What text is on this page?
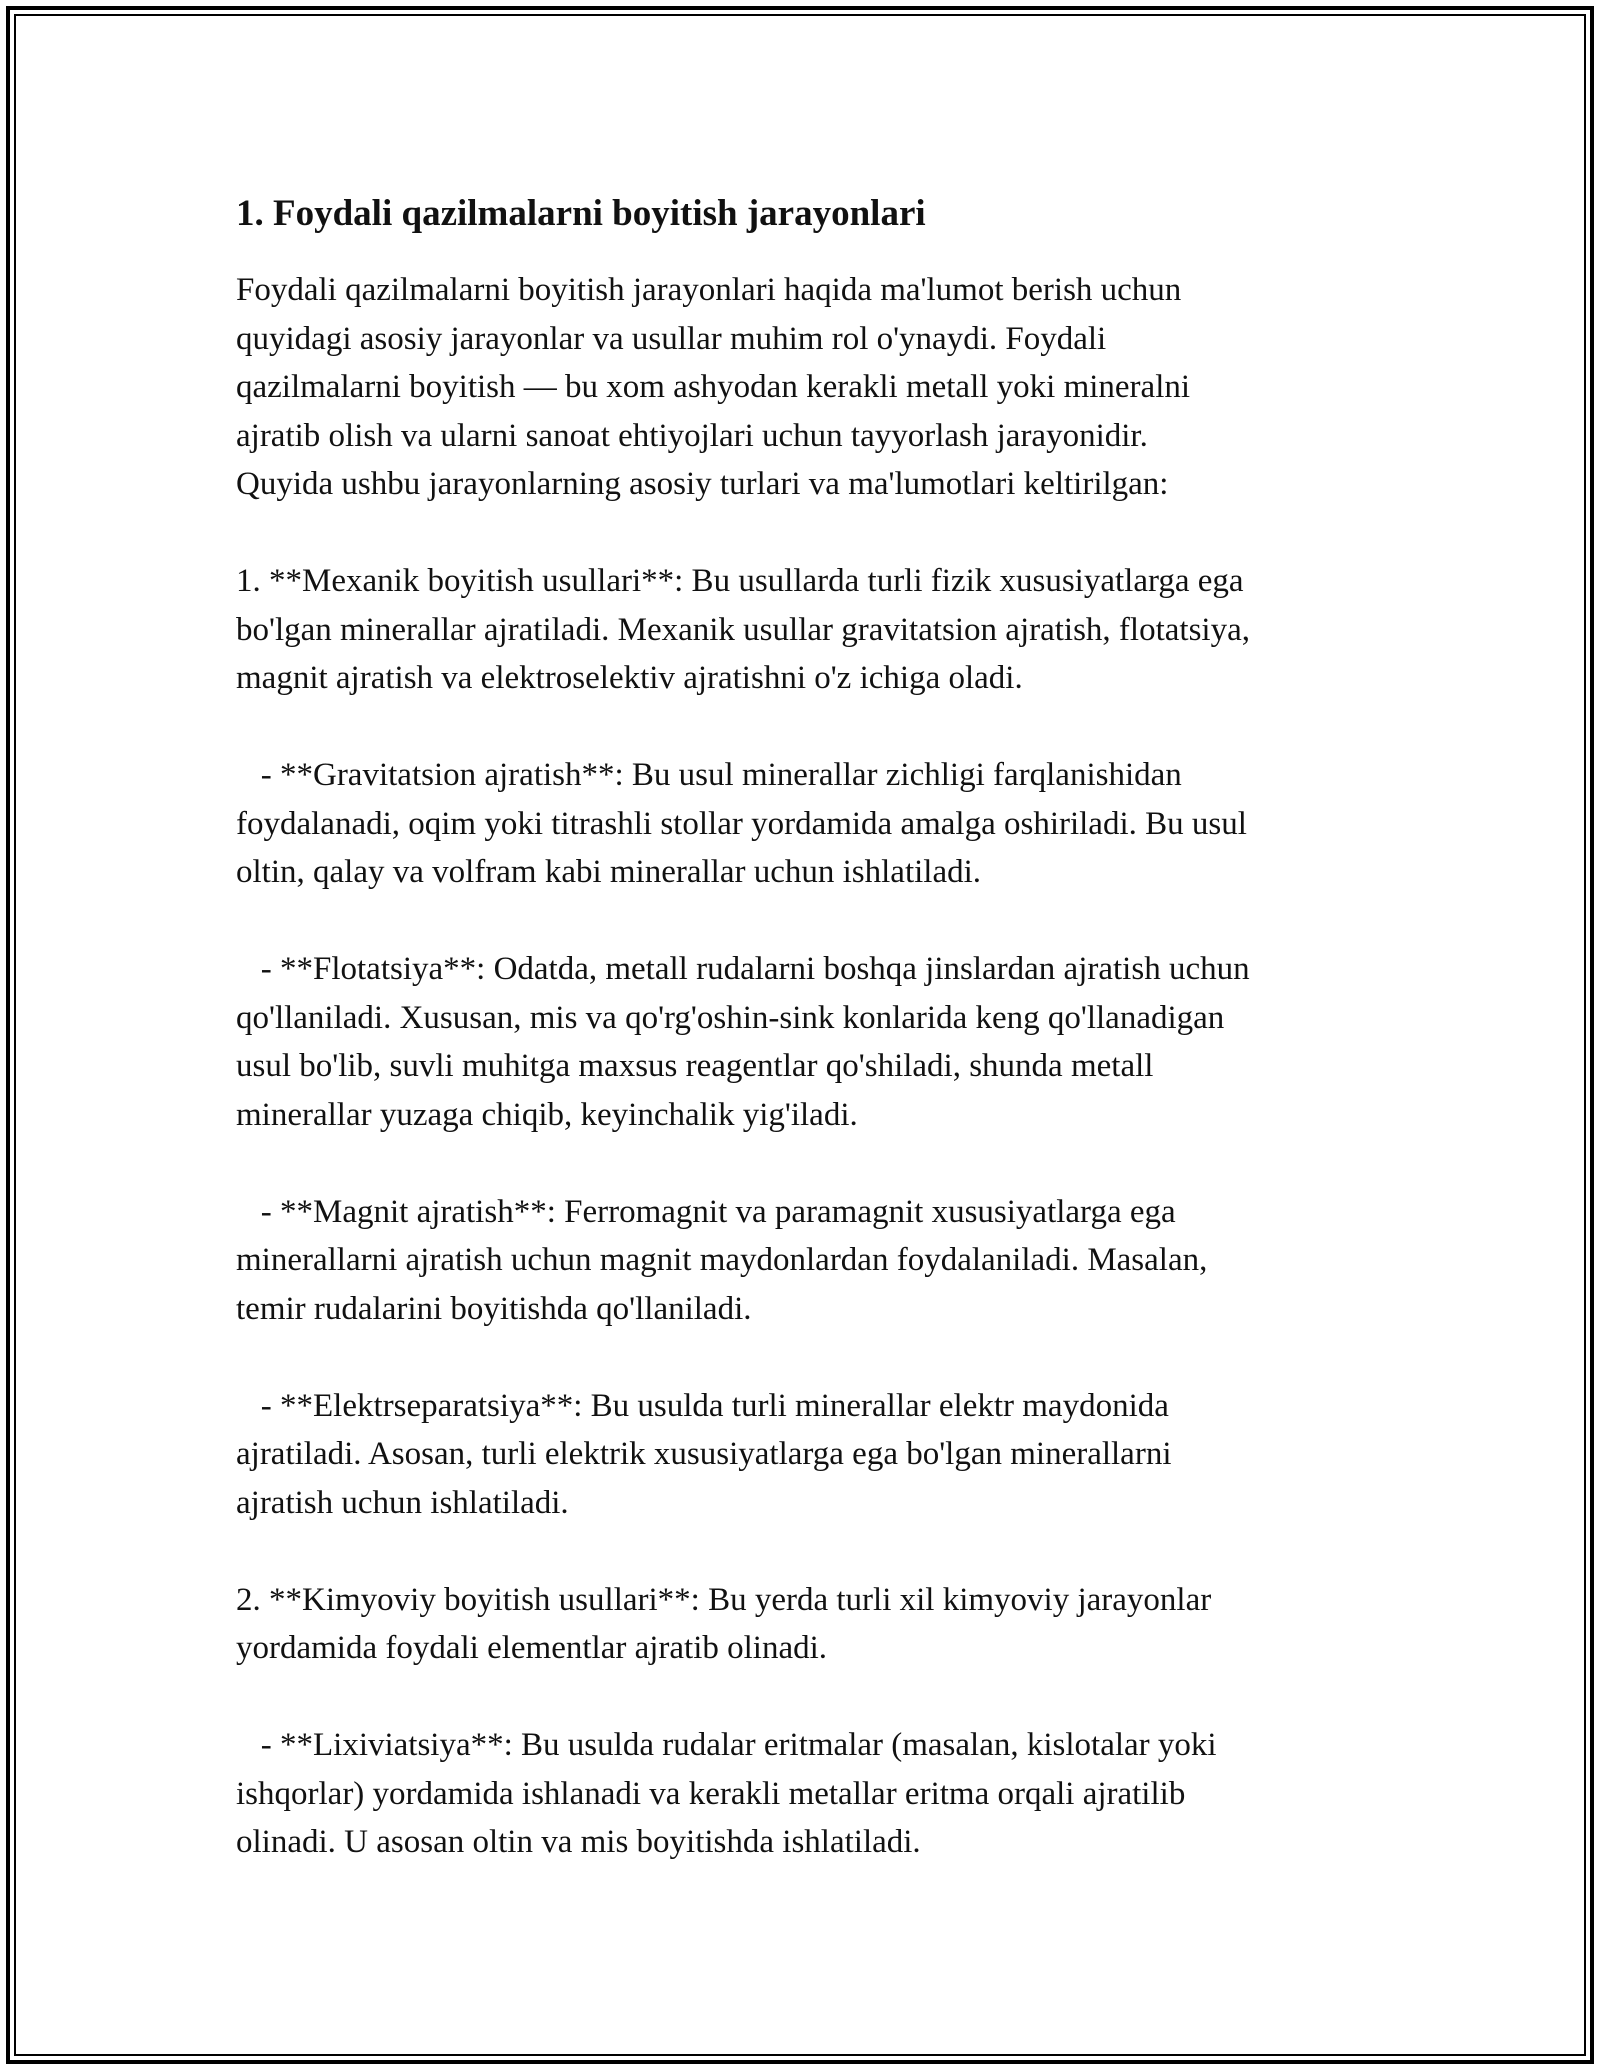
1. Foydali qazilmalarni boyitish jarayonlari

Foydali qazilmalarni boyitish jarayonlari haqida ma'lumot berish uchun
quyidagi asosiy jarayonlar va usullar muhim rol o'ynaydi. Foydali
qazilmalarni boyitish — bu xom ashyodan kerakli metall yoki mineralni
ajratib olish va ularni sanoat ehtiyojlari uchun tayyorlash jarayonidir.
Quyida ushbu jarayonlarning asosiy turlari va ma'lumotlari keltirilgan:

1. **Mexanik boyitish usullari**: Bu usullarda turli fizik xususiyatlarga ega
bo'lgan minerallar ajratiladi. Mexanik usullar gravitatsion ajratish, flotatsiya,
magnit ajratish va elektroselektiv ajratishni o'z ichiga oladi.

- **Gravitatsion ajratish**: Bu usul minerallar zichligi farqlanishidan
foydalanadi, oqim yoki titrashli stollar yordamida amalga oshiriladi. Bu usul
oltin, qalay va volfram kabi minerallar uchun ishlatiladi.

- **Flotatsiya**: Odatda, metall rudalarni boshqa jinslardan ajratish uchun
qo'llaniladi. Xususan, mis va qo'rg'oshin-sink konlarida keng qo'llanadigan
usul bo'lib, suvli muhitga maxsus reagentlar qo'shiladi, shunda metall
minerallar yuzaga chiqib, keyinchalik yig'iladi.

- **Magnit ajratish**: Ferromagnit va paramagnit xususiyatlarga ega
minerallarni ajratish uchun magnit maydonlardan foydalaniladi. Masalan,
temir rudalarini boyitishda qo'llaniladi.

- **Elektrseparatsiya**: Bu usulda turli minerallar elektr maydonida
ajratiladi. Asosan, turli elektrik xususiyatlarga ega bo'lgan minerallarni
ajratish uchun ishlatiladi.

2. **Kimyoviy boyitish usullari**: Bu yerda turli xil kimyoviy jarayonlar
yordamida foydali elementlar ajratib olinadi.

- **Lixiviatsiya**: Bu usulda rudalar eritmalar (masalan, kislotalar yoki
ishqorlar) yordamida ishlanadi va kerakli metallar eritma orqali ajratilib
olinadi. U asosan oltin va mis boyitishda ishlatiladi.
